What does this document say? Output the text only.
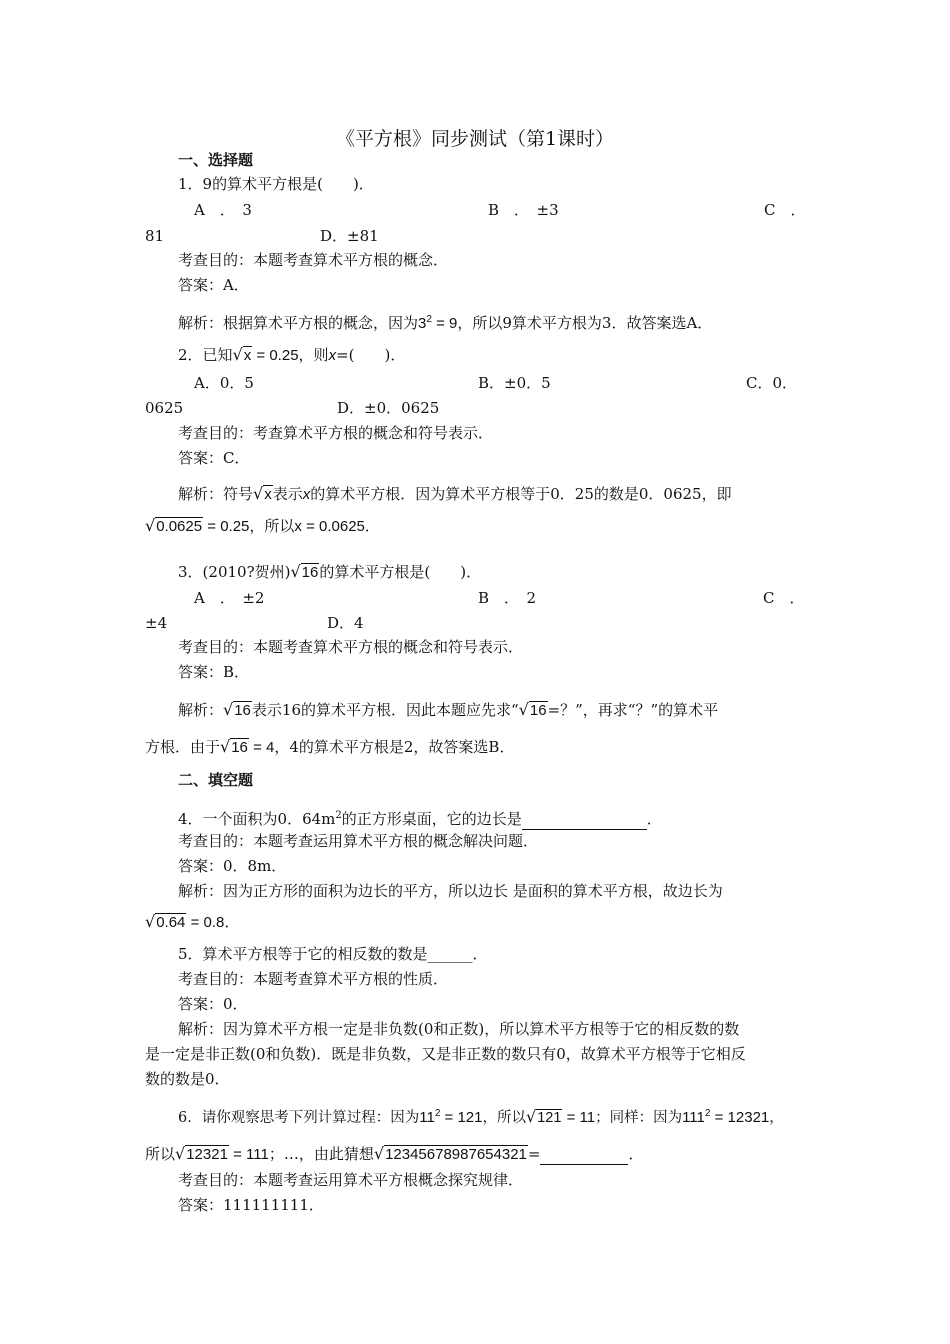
《平方根》同步测试（第1课时）
一、选择题
1．9的算术平方根是(　　)．
A　．　3	B　．　±3	C　．
81	D．±81
考查目的：本题考查算术平方根的概念．
答案：A．
解析：根据算术平方根的概念，因为$3^2 = 9$，所以9算术平方根为3．故答案选A．
2．已知√x = 0.25，则x=(　　)．
A．0．5	B．±0．5	C．0．
0625	D．±0．0625
考查目的：考查算术平方根的概念和符号表示．
答案：C．
解析：符号√x表示x的算术平方根．因为算术平方根等于0．25的数是0．0625，即
√0.0625 = 0.25，所以x = 0.0625．
3．(2010?贺州)√16的算术平方根是(　　)．
A　．　±2	B　．　2	C　．
±4	D．4
考查目的：本题考查算术平方根的概念和符号表示．
答案：B．
解析：√16表示16的算术平方根．因此本题应先求“√16=？”，再求“？”的算术平
方根．由于√16 = 4，4的算术平方根是2，故答案选B．
二、填空题
4．一个面积为0．$64m^2$的正方形桌面，它的边长是	．
考查目的：本题考查运用算术平方根的概念解决问题．
答案：0．8m．
解析：因为正方形的面积为边长的平方，所以边长 是面积的算术平方根，故边长为
√0.64 = 0.8．
5．算术平方根等于它的相反数的数是______．
考查目的：本题考查算术平方根的性质．
答案：0．
解析：因为算术平方根一定是非负数(0和正数)，所以算术平方根等于它的相反数的数
是一定是非正数(0和负数)．既是非负数，又是非正数的数只有0，故算术平方根等于它相反
数的数是0．
6．请你观察思考下列计算过程：因为$11^2 = 121$，所以√121 = 11；同样：因为$111^2 = 12321$，
所以√12321 = 111；…，由此猜想√12345678987654321=	．
考查目的：本题考查运用算术平方根概念探究规律．
答案：111111111．
